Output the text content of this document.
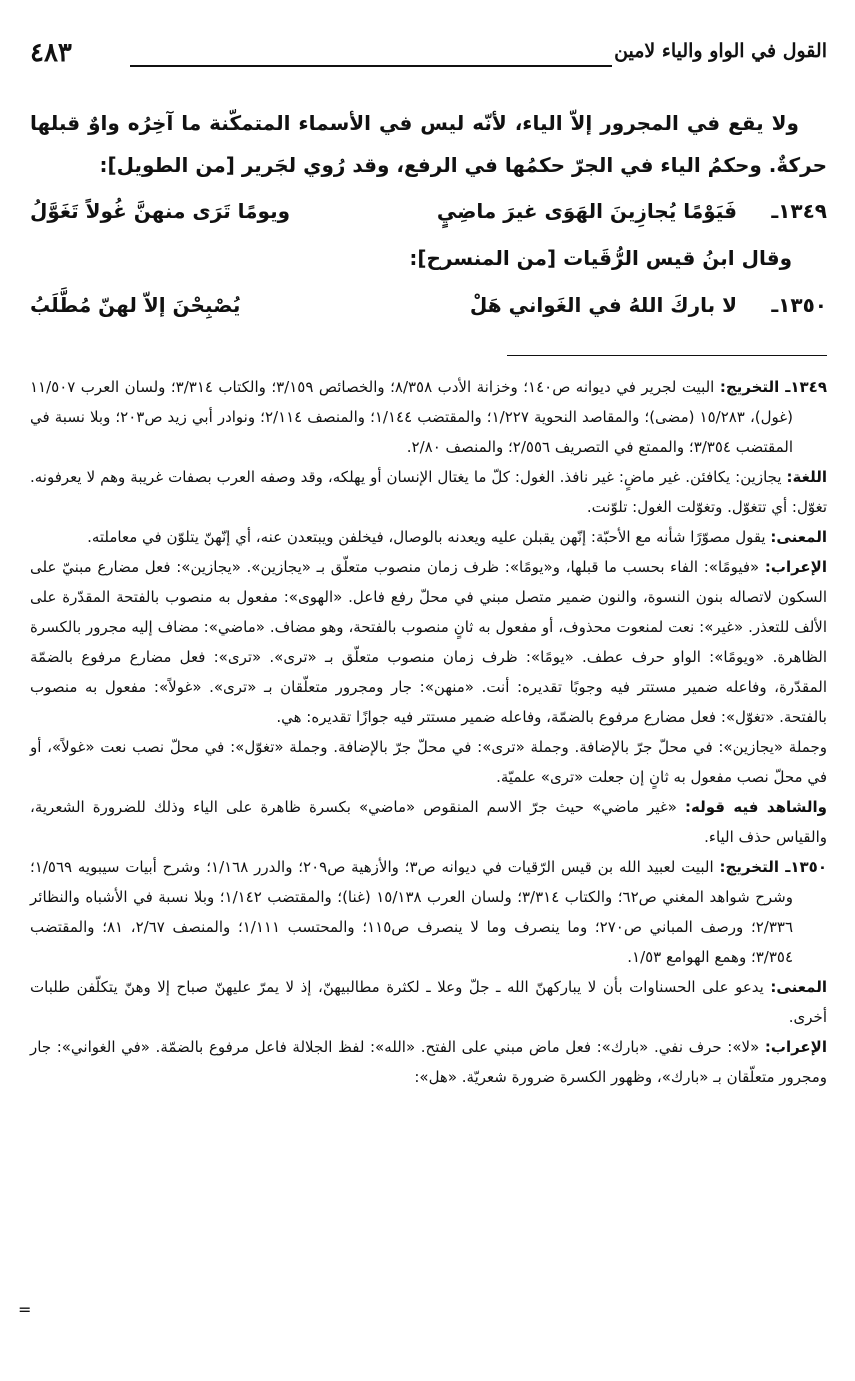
القول في الواو والياء لامين
٤٨٣

ولا يقع في المجرور إلاّ الياء، لأنّه ليس في الأسماء المتمكّنة ما آخِرُه واوٌ قبلها حركةٌ. وحكمُ الياء في الجرّ حكمُها في الرفع، وقد رُوي لجَرير [من الطويل]:

١٣٤٩ـ
فَيَوْمًا يُجازِينَ الهَوَى غيرَ ماضِيٍ
ويومًا تَرَى منهنَّ غُولاً تَغَوَّلُ

وقال ابنُ قيس الرُّقَيات [من المنسرح]:

١٣٥٠ـ
لا باركَ اللهُ في الغَواني هَلْ
يُصْبِحْنَ إلاّ لهنّ مُطَّلَبُ

١٣٤٩ـ التخريج: البيت لجرير في ديوانه ص١٤٠؛ وخزانة الأدب ٨/٣٥٨؛ والخصائص ٣/١٥٩؛ والكتاب ٣/٣١٤؛ ولسان العرب ١١/٥٠٧ (غول)، ١٥/٢٨٣ (مضى)؛ والمقاصد النحوية ١/٢٢٧؛ والمقتضب ١/١٤٤؛ والمنصف ٢/١١٤؛ ونوادر أبي زيد ص٢٠٣؛ وبلا نسبة في المقتضب ٣/٣٥٤؛ والممتع في التصريف ٢/٥٥٦؛ والمنصف ٢/٨٠.

اللغة: يجازين: يكافئن. غير ماضٍ: غير نافذ. الغول: كلّ ما يغتال الإنسان أو يهلكه، وقد وصفه العرب بصفات غريبة وهم لا يعرفونه. تغوّل: أي تتغوّل. وتغوّلت الغول: تلوّنت.

المعنى: يقول مصوّرًا شأنه مع الأحبّة: إنّهن يقبلن عليه ويعدنه بالوصال، فيخلفن ويبتعدن عنه، أي إنّهنّ يتلوّن في معاملته.

الإعراب: «فيومًا»: الفاء بحسب ما قبلها، و«يومًا»: ظرف زمان منصوب متعلّق بـ «يجازين». «يجازين»: فعل مضارع مبنيّ على السكون لاتصاله بنون النسوة، والنون ضمير متصل مبني في محلّ رفع فاعل. «الهوى»: مفعول به منصوب بالفتحة المقدّرة على الألف للتعذر. «غير»: نعت لمنعوت محذوف، أو مفعول به ثانٍ منصوب بالفتحة، وهو مضاف. «ماضي»: مضاف إليه مجرور بالكسرة الظاهرة. «ويومًا»: الواو حرف عطف. «يومًا»: ظرف زمان منصوب متعلّق بـ «ترى». «ترى»: فعل مضارع مرفوع بالضمّة المقدّرة، وفاعله ضمير مستتر فيه وجوبًا تقديره: أنت. «منهن»: جار ومجرور متعلّقان بـ «ترى». «غولاً»: مفعول به منصوب بالفتحة. «تغوّل»: فعل مضارع مرفوع بالضمّة، وفاعله ضمير مستتر فيه جوازًا تقديره: هي.

وجملة «يجازين»: في محلّ جرّ بالإضافة. وجملة «ترى»: في محلّ جرّ بالإضافة. وجملة «تغوّل»: في محلّ نصب نعت «غولاً»، أو في محلّ نصب مفعول به ثانٍ إن جعلت «ترى» علميّة.

والشاهد فيه قوله: «غير ماضي» حيث جرّ الاسم المنقوص «ماضي» بكسرة ظاهرة على الياء وذلك للضرورة الشعرية، والقياس حذف الياء.

١٣٥٠ـ التخريج: البيت لعبيد الله بن قيس الرّقيات في ديوانه ص٣؛ والأزهية ص٢٠٩؛ والدرر ١/١٦٨؛ وشرح أبيات سيبويه ١/٥٦٩؛ وشرح شواهد المغني ص٦٢؛ والكتاب ٣/٣١٤؛ ولسان العرب ١٥/١٣٨ (غنا)؛ والمقتضب ١/١٤٢؛ وبلا نسبة في الأشباه والنظائر ٢/٣٣٦؛ ورصف المباني ص٢٧٠؛ وما ينصرف وما لا ينصرف ص١١٥؛ والمحتسب ١/١١١؛ والمنصف ٢/٦٧، ٨١؛ والمقتضب ٣/٣٥٤؛ وهمع الهوامع ١/٥٣.

المعنى: يدعو على الحسناوات بأن لا يباركهنّ الله ـ جلّ وعلا ـ لكثرة مطالبيهنّ، إذ لا يمرّ عليهنّ صباح إلا وهنّ يتكلّفن طلبات أخرى.

الإعراب: «لا»: حرف نفي. «بارك»: فعل ماض مبني على الفتح. «الله»: لفظ الجلالة فاعل مرفوع بالضمّة. «في الغواني»: جار ومجرور متعلّقان بـ «بارك»، وظهور الكسرة ضرورة شعريّة. «هل»:

=
